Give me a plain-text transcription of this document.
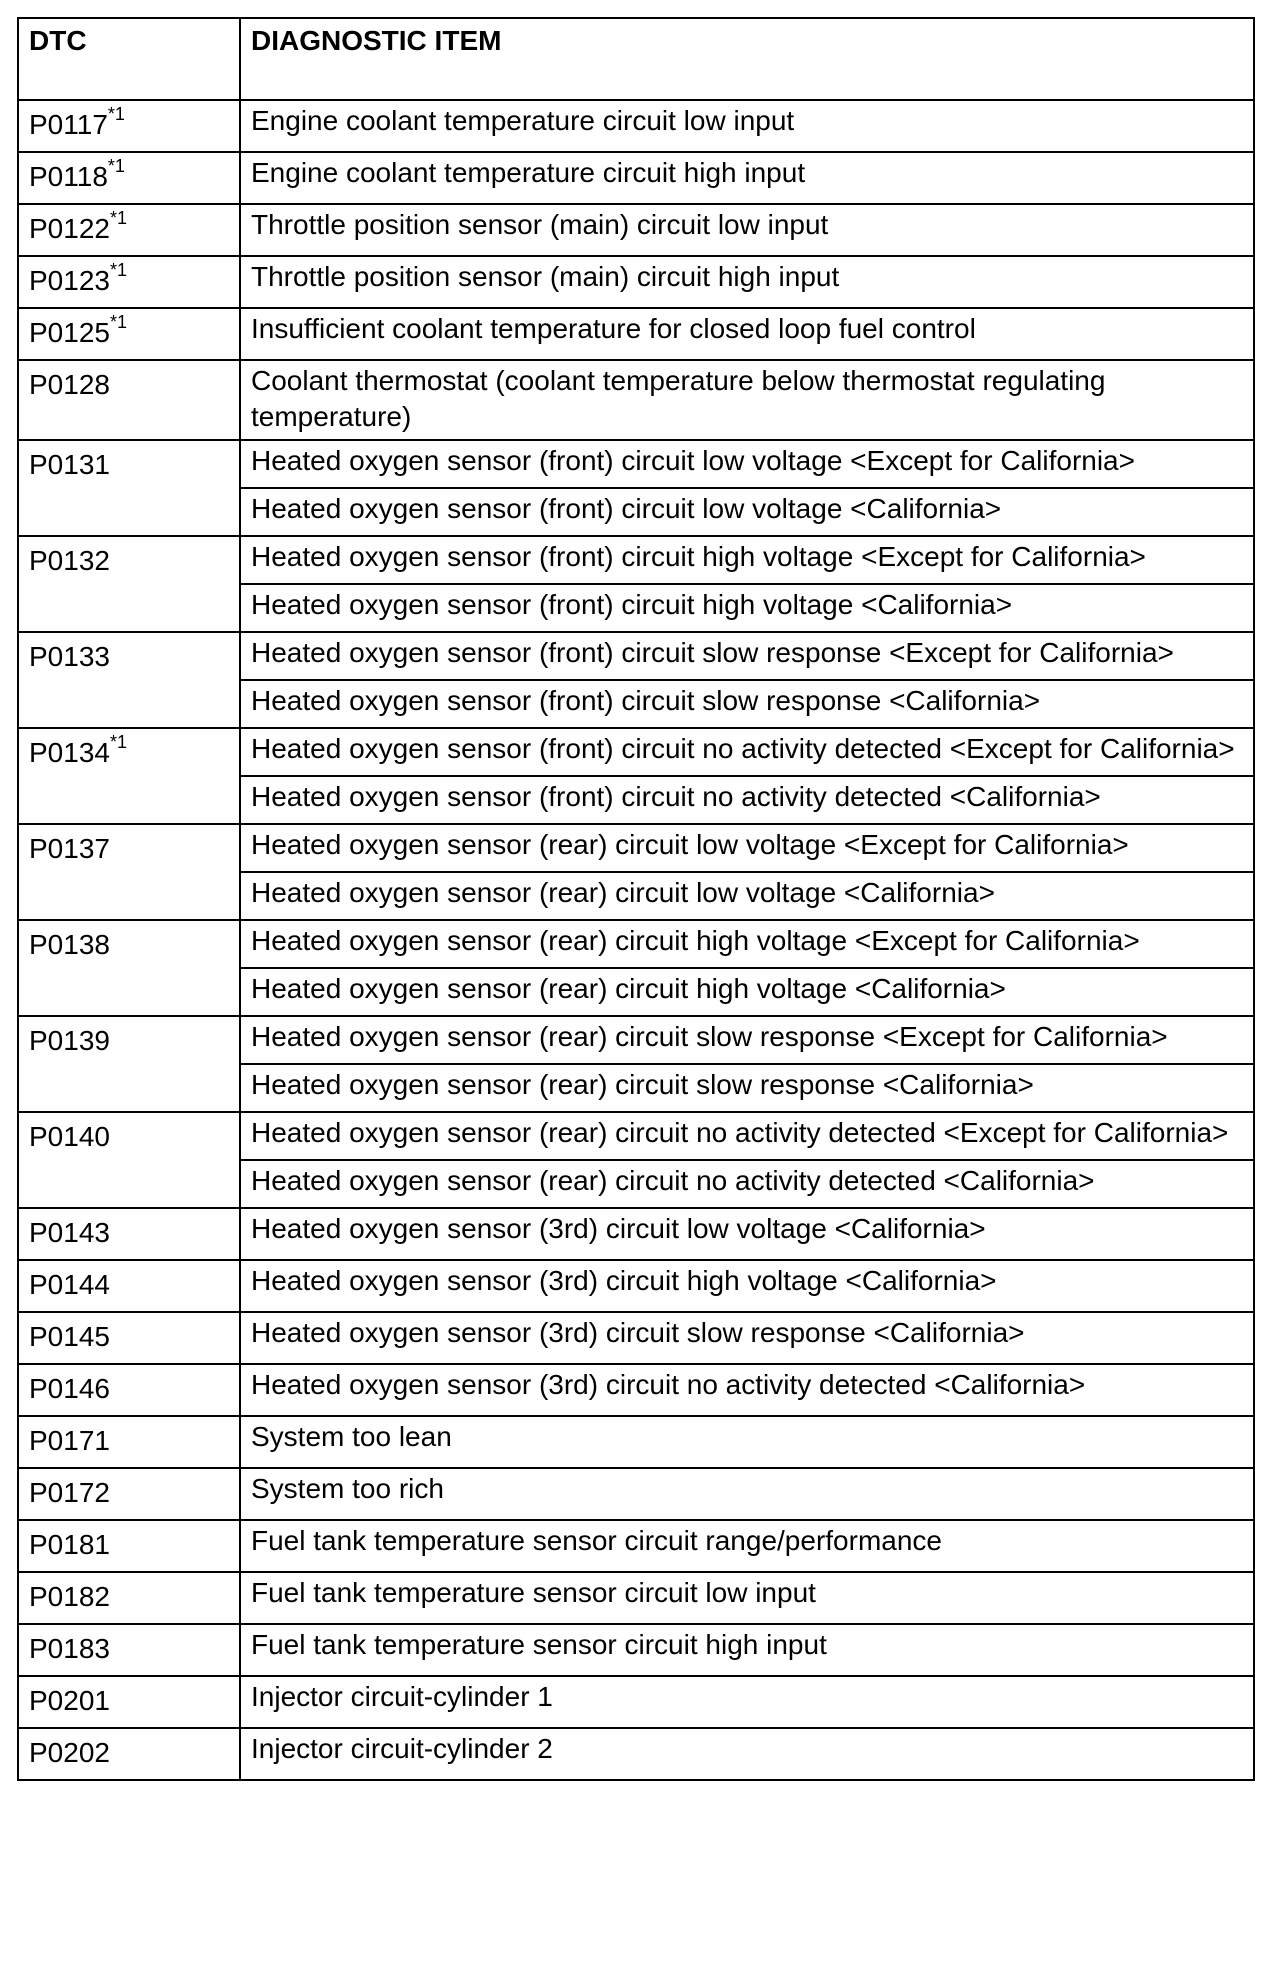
DTC	DIAGNOSTIC ITEM
P0117$^{*1}$	Engine coolant temperature circuit low input
P0118$^{*1}$	Engine coolant temperature circuit high input
P0122$^{*1}$	Throttle position sensor (main) circuit low input
P0123$^{*1}$	Throttle position sensor (main) circuit high input
P0125$^{*1}$	Insufficient coolant temperature for closed loop fuel control
P0128	Coolant thermostat (coolant temperature below thermostat regulating temperature)
P0131	Heated oxygen sensor (front) circuit low voltage <Except for California>
	Heated oxygen sensor (front) circuit low voltage <California>
P0132	Heated oxygen sensor (front) circuit high voltage <Except for California>
	Heated oxygen sensor (front) circuit high voltage <California>
P0133	Heated oxygen sensor (front) circuit slow response <Except for California>
	Heated oxygen sensor (front) circuit slow response <California>
P0134$^{*1}$	Heated oxygen sensor (front) circuit no activity detected <Except for California>
	Heated oxygen sensor (front) circuit no activity detected <California>
P0137	Heated oxygen sensor (rear) circuit low voltage <Except for California>
	Heated oxygen sensor (rear) circuit low voltage <California>
P0138	Heated oxygen sensor (rear) circuit high voltage <Except for California>
	Heated oxygen sensor (rear) circuit high voltage <California>
P0139	Heated oxygen sensor (rear) circuit slow response <Except for California>
	Heated oxygen sensor (rear) circuit slow response <California>
P0140	Heated oxygen sensor (rear) circuit no activity detected <Except for California>
	Heated oxygen sensor (rear) circuit no activity detected <California>
P0143	Heated oxygen sensor (3rd) circuit low voltage <California>
P0144	Heated oxygen sensor (3rd) circuit high voltage <California>
P0145	Heated oxygen sensor (3rd) circuit slow response <California>
P0146	Heated oxygen sensor (3rd) circuit no activity detected <California>
P0171	System too lean
P0172	System too rich
P0181	Fuel tank temperature sensor circuit range/performance
P0182	Fuel tank temperature sensor circuit low input
P0183	Fuel tank temperature sensor circuit high input
P0201	Injector circuit-cylinder 1
P0202	Injector circuit-cylinder 2
